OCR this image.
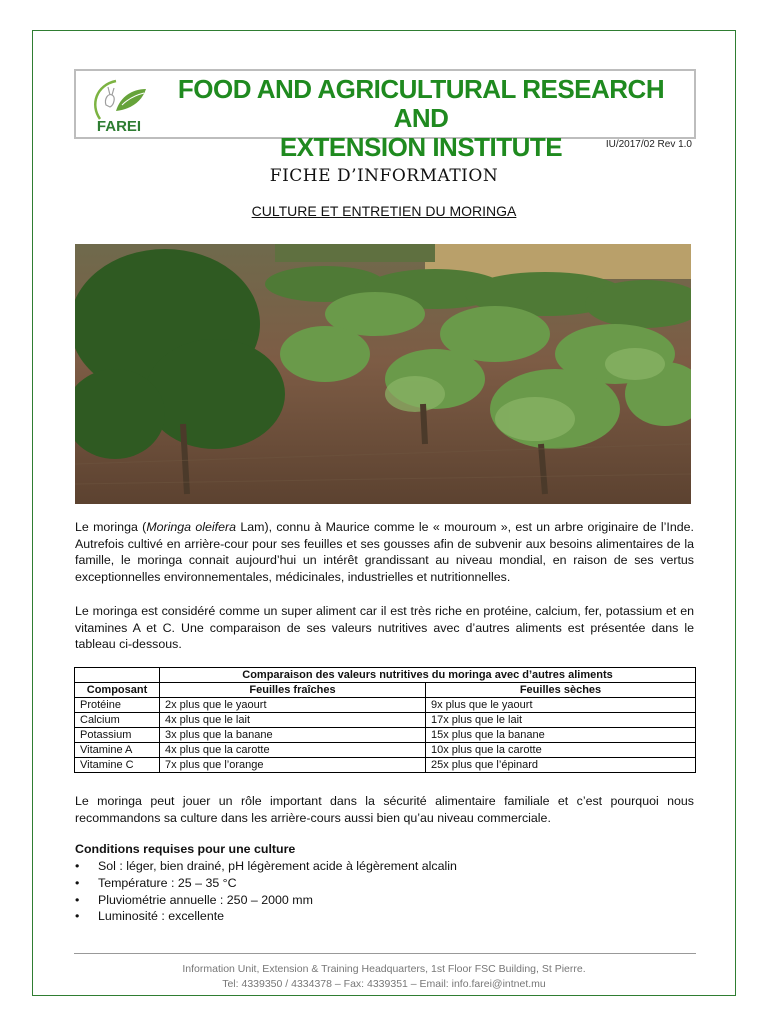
FAREI
FOOD AND AGRICULTURAL RESEARCH AND
EXTENSION INSTITUTE	IU/2017/02 Rev 1.0
FICHE D’INFORMATION
CULTURE ET ENTRETIEN DU MORINGA
Le moringa (Moringa oleifera Lam), connu à Maurice comme le « mouroum », est un arbre originaire de l’Inde. Autrefois cultivé en arrière-cour pour ses feuilles et ses gousses afin de subvenir aux besoins alimentaires de la famille, le moringa connait aujourd’hui un intérêt grandissant au niveau mondial, en raison de ses vertus exceptionnelles environnementales, médicinales, industrielles et nutritionnelles.
Le moringa est considéré comme un super aliment car il est très riche en protéine, calcium, fer, potassium et en vitamines A et C. Une comparaison de ses valeurs nutritives avec d’autres aliments est présentée dans le tableau ci-dessous.
	Comparaison des valeurs nutritives du moringa avec d’autres aliments	
Composant	Feuilles fraîches	Feuilles sèches
Protéine	2x plus que le yaourt	9x plus que le yaourt
Calcium	4x plus que le lait	17x plus que le lait
Potassium	3x plus que la banane	15x plus que la banane
Vitamine A	4x plus que la carotte	10x plus que la carotte
Vitamine C	7x plus que l’orange	25x plus que l’épinard
Le moringa peut jouer un rôle important dans la sécurité alimentaire familiale et c’est pourquoi nous recommandons sa culture dans les arrière-cours aussi bien qu’au niveau commerciale.
Conditions requises pour une culture
• Sol : léger, bien drainé, pH légèrement acide à légèrement alcalin
• Température : 25 – 35 °C
• Pluviométrie annuelle : 250 – 2000 mm
• Luminosité : excellente
Information Unit, Extension & Training Headquarters, 1st Floor FSC Building, St Pierre.
Tel: 4339350 / 4334378 – Fax: 4339351 – Email: info.farei@intnet.mu
